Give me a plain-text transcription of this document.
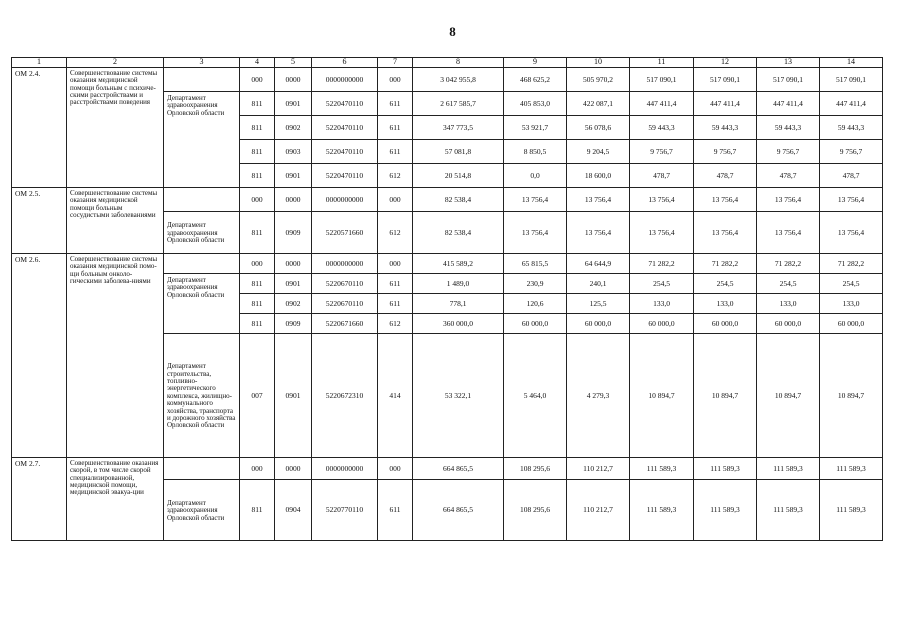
8
1	2	3	4	5	6	7	8	9	10	11	12	13	14
ОМ 2.4.	Совершенствование системы оказания медицинской помощи больным с психиче-скими расстройствами и расстройствами поведения		000	0000	0000000000	000	3 042 955,8	468 625,2	505 970,2	517 090,1	517 090,1	517 090,1	517 090,1
		Департамент здравоохранения Орловской области	811	0901	5220470110	611	2 617 585,7	405 853,0	422 087,1	447 411,4	447 411,4	447 411,4	447 411,4
			811	0902	5220470110	611	347 773,5	53 921,7	56 078,6	59 443,3	59 443,3	59 443,3	59 443,3
			811	0903	5220470110	611	57 081,8	8 850,5	9 204,5	9 756,7	9 756,7	9 756,7	9 756,7
			811	0901	5220470110	612	20 514,8	0,0	18 600,0	478,7	478,7	478,7	478,7
ОМ 2.5.	Совершенствование системы оказания медицинской помощи больным сосудистыми заболеваниями		000	0000	0000000000	000	82 538,4	13 756,4	13 756,4	13 756,4	13 756,4	13 756,4	13 756,4
		Департамент здравоохранения Орловской области	811	0909	5220571660	612	82 538,4	13 756,4	13 756,4	13 756,4	13 756,4	13 756,4	13 756,4
ОМ 2.6.	Совершенствование системы оказания медицинской помо-щи больным онколо-гическими заболева-ниями		000	0000	0000000000	000	415 589,2	65 815,5	64 644,9	71 282,2	71 282,2	71 282,2	71 282,2
		Департамент здравоохранения Орловской области	811	0901	5220670110	611	1 489,0	230,9	240,1	254,5	254,5	254,5	254,5
			811	0902	5220670110	611	778,1	120,6	125,5	133,0	133,0	133,0	133,0
			811	0909	5220671660	612	360 000,0	60 000,0	60 000,0	60 000,0	60 000,0	60 000,0	60 000,0
		Департамент строительства, топливно-энергетического комплекса, жилищно-коммунального хозяйства, транспорта и дорожного хозяйства Орловской области	007	0901	5220672310	414	53 322,1	5 464,0	4 279,3	10 894,7	10 894,7	10 894,7	10 894,7
ОМ 2.7.	Совершенствование оказания скорой, в том числе скорой специализированной, медицинской помощи, медицинской эвакуа-ции		000	0000	0000000000	000	664 865,5	108 295,6	110 212,7	111 589,3	111 589,3	111 589,3	111 589,3
		Департамент здравоохранения Орловской области	811	0904	5220770110	611	664 865,5	108 295,6	110 212,7	111 589,3	111 589,3	111 589,3	111 589,3
